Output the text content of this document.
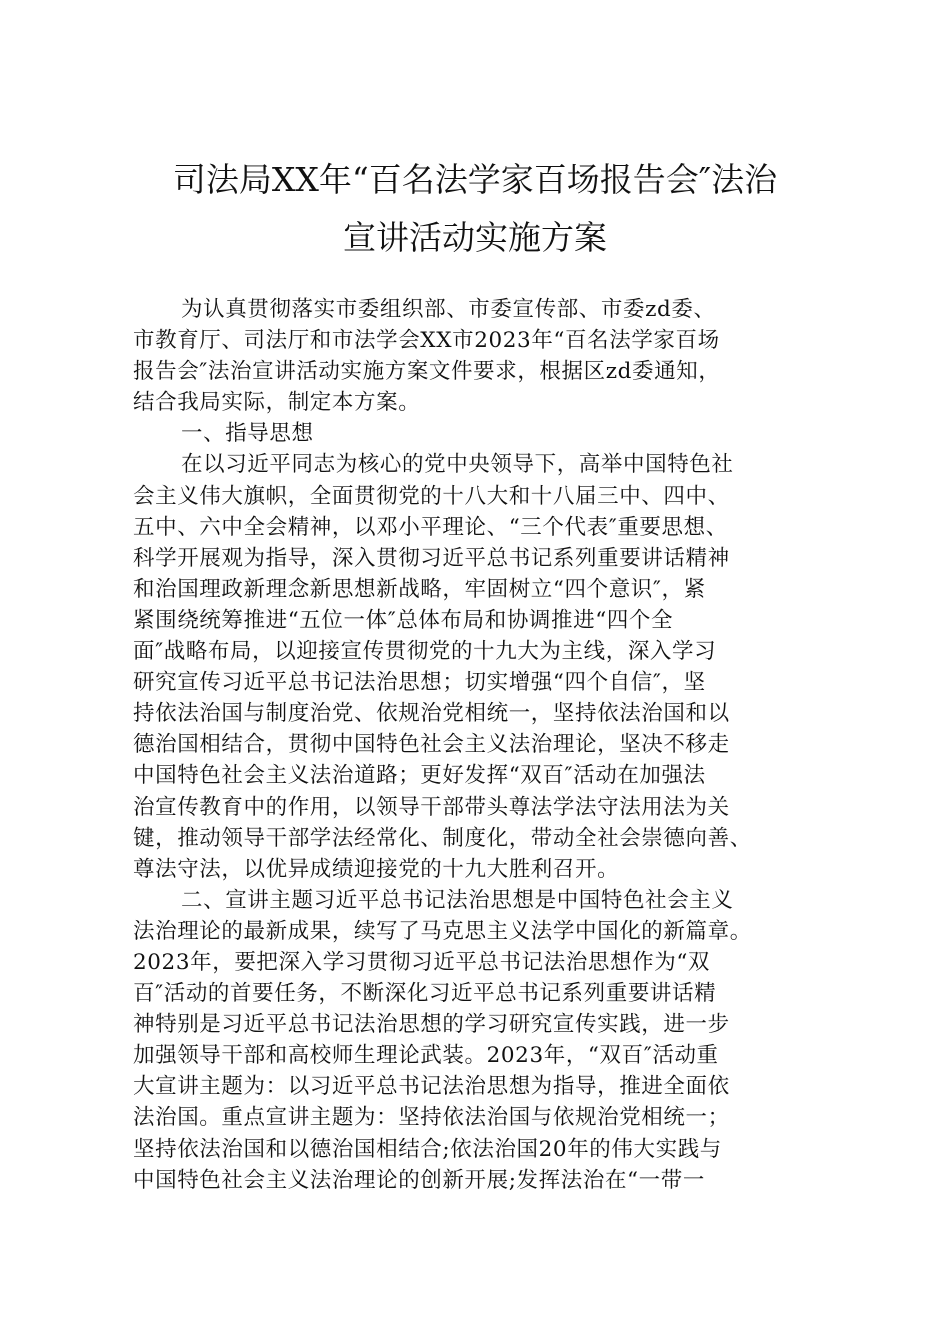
司法局XX年“百名法学家百场报告会″法治
宣讲活动实施方案
为认真贯彻落实市委组织部、市委宣传部、市委zd委、
市教育厅、司法厅和市法学会XX市2023年“百名法学家百场
报告会″法治宣讲活动实施方案文件要求，根据区zd委通知，
结合我局实际，制定本方案。
一、指导思想
在以习近平同志为核心的党中央领导下，高举中国特色社
会主义伟大旗帜，全面贯彻党的十八大和十八届三中、四中、
五中、六中全会精神，以邓小平理论、“三个代表″重要思想、
科学开展观为指导，深入贯彻习近平总书记系列重要讲话精神
和治国理政新理念新思想新战略，牢固树立“四个意识″，紧
紧围绕统筹推进“五位一体″总体布局和协调推进“四个全
面″战略布局，以迎接宣传贯彻党的十九大为主线，深入学习
研究宣传习近平总书记法治思想；切实增强“四个自信″，坚
持依法治国与制度治党、依规治党相统一，坚持依法治国和以
德治国相结合，贯彻中国特色社会主义法治理论，坚决不移走
中国特色社会主义法治道路；更好发挥“双百″活动在加强法
治宣传教育中的作用，以领导干部带头尊法学法守法用法为关
键，推动领导干部学法经常化、制度化，带动全社会崇德向善、
尊法守法，以优异成绩迎接党的十九大胜利召开。
二、宣讲主题习近平总书记法治思想是中国特色社会主义
法治理论的最新成果，续写了马克思主义法学中国化的新篇章。
2023年，要把深入学习贯彻习近平总书记法治思想作为“双
百″活动的首要任务，不断深化习近平总书记系列重要讲话精
神特别是习近平总书记法治思想的学习研究宣传实践，进一步
加强领导干部和高校师生理论武装。2023年，“双百″活动重
大宣讲主题为：以习近平总书记法治思想为指导，推进全面依
法治国。重点宣讲主题为：坚持依法治国与依规治党相统一；
坚持依法治国和以德治国相结合;依法治国20年的伟大实践与
中国特色社会主义法治理论的创新开展;发挥法治在“一带一
